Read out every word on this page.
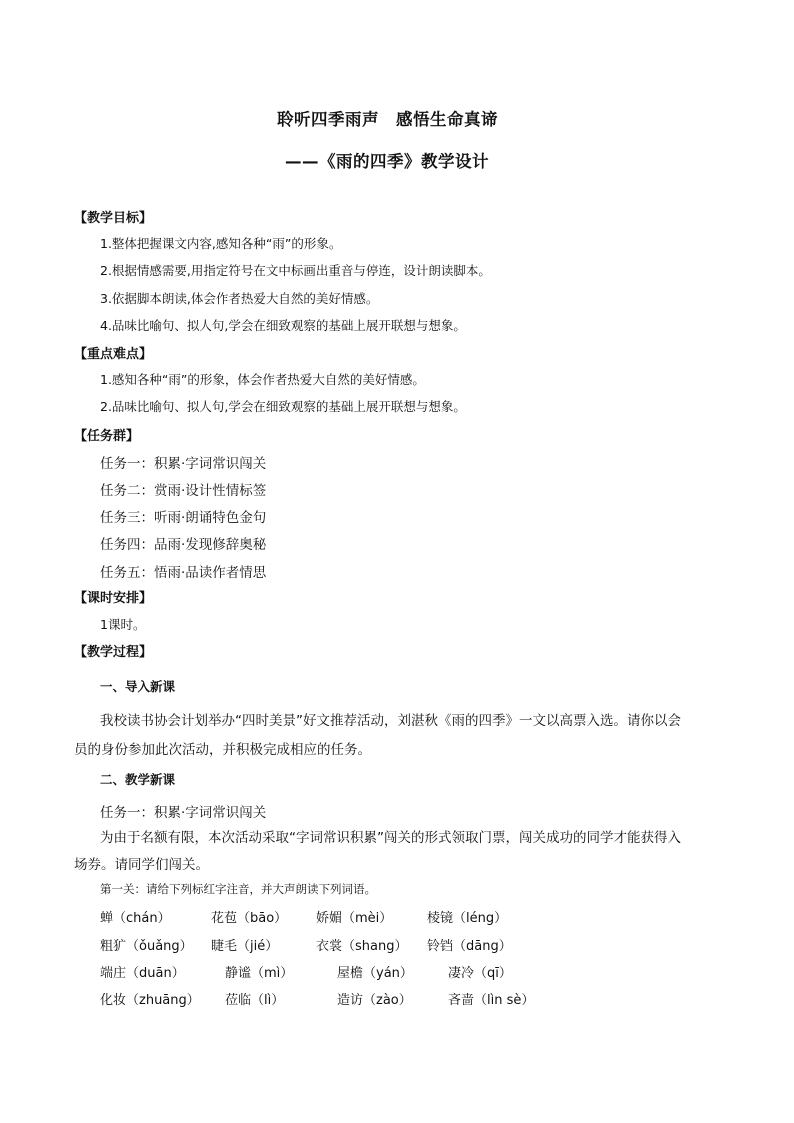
聆听四季雨声　感悟生命真谛
——《雨的四季》教学设计
【教学目标】
1.整体把握课文内容,感知各种“雨”的形象。
2.根据情感需要,用指定符号在文中标画出重音与停连，设计朗读脚本。
3.依据脚本朗读,体会作者热爱大自然的美好情感。
4.品味比喻句、拟人句,学会在细致观察的基础上展开联想与想象。
【重点难点】
1.感知各种“雨”的形象，体会作者热爱大自然的美好情感。
2.品味比喻句、拟人句,学会在细致观察的基础上展开联想与想象。
【任务群】
任务一：积累·字词常识闯关
任务二：赏雨·设计性情标签
任务三：听雨·朗诵特色金句
任务四：品雨·发现修辞奥秘
任务五：悟雨·品读作者情思
【课时安排】
1课时。
【教学过程】
一、导入新课
我校读书协会计划举办“四时美景”好文推荐活动，刘湛秋《雨的四季》一文以高票入选。请你以会
员的身份参加此次活动，并积极完成相应的任务。
二、教学新课
任务一：积累·字词常识闯关
为由于名额有限，本次活动采取“字词常识积累”闯关的形式领取门票，闯关成功的同学才能获得入
场券。请同学们闯关。
第一关：请给下列标红字注音，并大声朗读下列词语。
蝉（chán）	花苞（bāo） 娇媚（mèi）	棱镜（léng）
粗犷（ǒuǎng） 睫毛（jié）	衣裳（shang） 铃铛（dāng）
端庄（duān）	静谧（mì）	屋檐（yán）	凄冷（qī）
化妆（zhuāng） 莅临（lì）	造访（zào）	吝啬（lìn sè）
